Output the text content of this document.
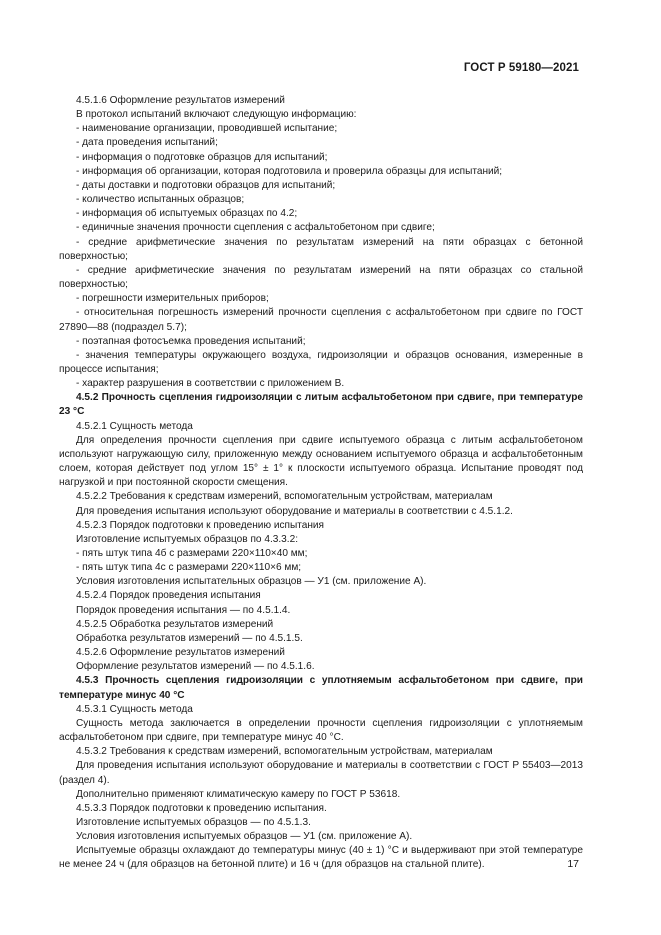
ГОСТ Р 59180—2021

4.5.1.6 Оформление результатов измерений

В протокол испытаний включают следующую информацию:

- наименование организации, проводившей испытание;

- дата проведения испытаний;

- информация о подготовке образцов для испытаний;

- информация об организации, которая подготовила и проверила образцы для испытаний;

- даты доставки и подготовки образцов для испытаний;

- количество испытанных образцов;

- информация об испытуемых образцах по 4.2;

- единичные значения прочности сцепления с асфальтобетоном при сдвиге;

- средние арифметические значения по результатам измерений на пяти образцах с бетонной поверхностью;

- средние арифметические значения по результатам измерений на пяти образцах со стальной поверхностью;

- погрешности измерительных приборов;

- относительная погрешность измерений прочности сцепления с асфальтобетоном при сдвиге по ГОСТ 27890—88 (подраздел 5.7);

- поэтапная фотосъемка проведения испытаний;

- значения температуры окружающего воздуха, гидроизоляции и образцов основания, измеренные в процессе испытания;

- характер разрушения в соответствии с приложением В.

4.5.2 Прочность сцепления гидроизоляции с литым асфальтобетоном при сдвиге, при температуре 23 °С

4.5.2.1 Сущность метода

Для определения прочности сцепления при сдвиге испытуемого образца с литым асфальтобетоном используют нагружающую силу, приложенную между основанием испытуемого образца и асфальтобетонным слоем, которая действует под углом 15° ± 1° к плоскости испытуемого образца. Испытание проводят под нагрузкой и при постоянной скорости смещения.

4.5.2.2 Требования к средствам измерений, вспомогательным устройствам, материалам

Для проведения испытания используют оборудование и материалы в соответствии с 4.5.1.2.

4.5.2.3 Порядок подготовки к проведению испытания

Изготовление испытуемых образцов по 4.3.3.2:

- пять штук типа 4б с размерами 220×110×40 мм;

- пять штук типа 4с с размерами 220×110×6 мм;

Условия изготовления испытательных образцов — У1 (см. приложение А).

4.5.2.4 Порядок проведения испытания

Порядок проведения испытания — по 4.5.1.4.

4.5.2.5 Обработка результатов измерений

Обработка результатов измерений — по 4.5.1.5.

4.5.2.6 Оформление результатов измерений

Оформление результатов измерений — по 4.5.1.6.

4.5.3 Прочность сцепления гидроизоляции с уплотняемым асфальтобетоном при сдвиге, при температуре минус 40 °С

4.5.3.1 Сущность метода

Сущность метода заключается в определении прочности сцепления гидроизоляции с уплотняемым асфальтобетоном при сдвиге, при температуре минус 40 °С.

4.5.3.2 Требования к средствам измерений, вспомогательным устройствам, материалам

Для проведения испытания используют оборудование и материалы в соответствии с ГОСТ Р 55403—2013 (раздел 4).

Дополнительно применяют климатическую камеру по ГОСТ Р 53618.

4.5.3.3 Порядок подготовки к проведению испытания.

Изготовление испытуемых образцов — по 4.5.1.3.

Условия изготовления испытуемых образцов — У1 (см. приложение А).

Испытуемые образцы охлаждают до температуры минус (40 ± 1) °С и выдерживают при этой температуре не менее 24 ч (для образцов на бетонной плите) и 16 ч (для образцов на стальной плите).	17
